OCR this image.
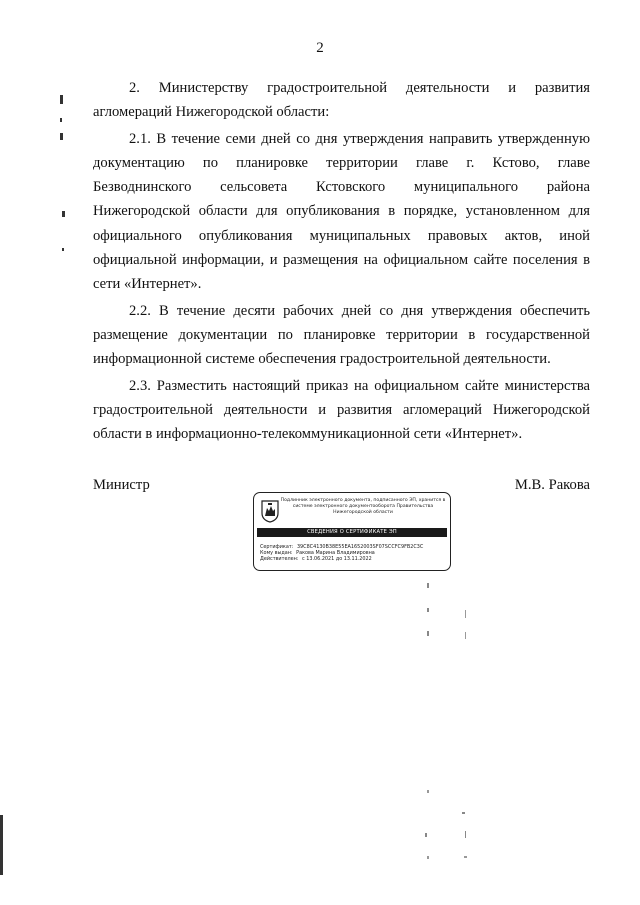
2

2. Министерству градостроительной деятельности и развития агломераций Нижегородской области:

2.1. В течение семи дней со дня утверждения направить утвержденную документацию по планировке территории главе г. Кстово, главе Безводнинского сельсовета Кстовского муниципального района Нижегородской области для опубликования в порядке, установленном для официального опубликования муниципальных правовых актов, иной официальной информации, и размещения на официальном сайте поселения в сети «Интернет».

2.2. В течение десяти рабочих дней со дня утверждения обеспечить размещение документации по планировке территории в государственной информационной системе обеспечения градостроительной деятельности.

2.3. Разместить настоящий приказ на официальном сайте министерства градостроительной деятельности и развития агломераций Нижегородской области в информационно-телекоммуникационной сети «Интернет».

Министр	М.В. Ракова
Подлинник электронного документа, подписанного ЭП, хранится в системе электронного документооборота Правительства Нижегородской области
СВЕДЕНИЯ О СЕРТИФИКАТЕ ЭП
Сертификат: 39C8C4130B38E55EA1652003SF07SCCFC9FB2C3C
Кому выдан: Ракова Марина Владимировна
Действителен: с 13.06.2021 до 13.11.2022
